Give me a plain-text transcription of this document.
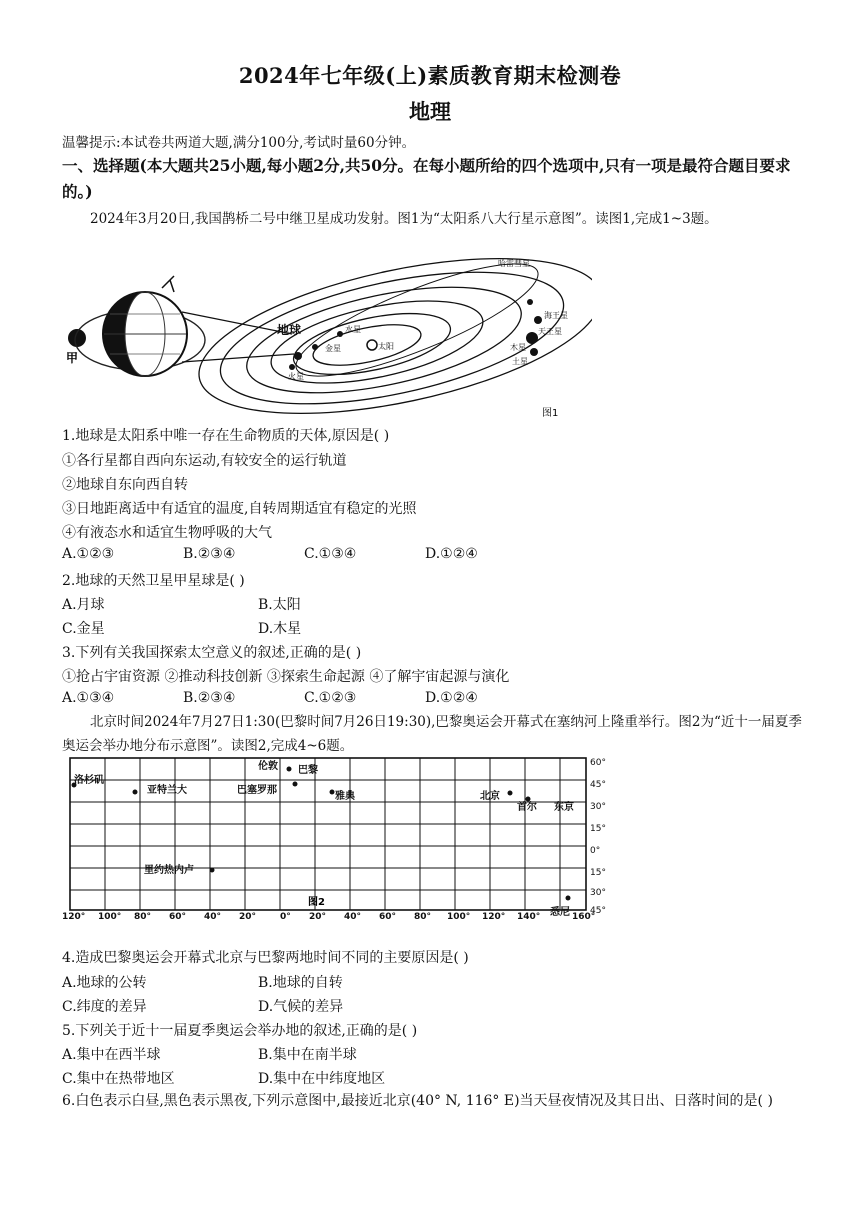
2024年七年级(上)素质教育期末检测卷
地理
温馨提示:本试卷共两道大题,满分100分,考试时量60分钟。
一、选择题(本大题共25小题,每小题2分,共50分。在每小题所给的四个选项中,只有一项是最符合题目要求的。)
2024年3月20日,我国鹊桥二号中继卫星成功发射。图1为“太阳系八大行星示意图”。读图1,完成1~3题。
甲
哈雷彗星
地球	水星
金星	太阳
火星
木星
土星
天王星
海王星
图1
1.地球是太阳系中唯一存在生命物质的天体,原因是( )
①各行星都自西向东运动,有较安全的运行轨道
②地球自东向西自转
③日地距离适中有适宜的温度,自转周期适宜有稳定的光照
④有液态水和适宜生物呼吸的大气
A.①②③	B.②③④	C.①③④	D.①②④
2.地球的天然卫星甲星球是( )
A.月球	B.太阳
C.金星	D.木星
3.下列有关我国探索太空意义的叙述,正确的是( )
①抢占宇宙资源 ②推动科技创新 ③探索生命起源 ④了解宇宙起源与演化
A.①③④	B.②③④	C.①②③	D.①②④
北京时间2024年7月27日1:30(巴黎时间7月26日19:30),巴黎奥运会开幕式在塞纳河上隆重举行。图2为“近十一届夏季奥运会举办地分布示意图”。读图2,完成4~6题。
洛杉矶
亚特兰大
伦敦 巴黎
巴塞罗那
雅典	北京
首尔 东京
里约热内卢
悉尼
60°
45°
30°
15°
0°
15°
30°
45°
120° 100° 80° 60° 40° 20°	0° 20° 40° 60° 80° 100° 120° 140°	160°
图2
4.造成巴黎奥运会开幕式北京与巴黎两地时间不同的主要原因是( )
A.地球的公转	B.地球的自转
C.纬度的差异	D.气候的差异
5.下列关于近十一届夏季奥运会举办地的叙述,正确的是( )
A.集中在西半球	B.集中在南半球
C.集中在热带地区	D.集中在中纬度地区
6.白色表示白昼,黑色表示黑夜,下列示意图中,最接近北京(40° N, 116° E)当天昼夜情况及其日出、日落时间的是( )
